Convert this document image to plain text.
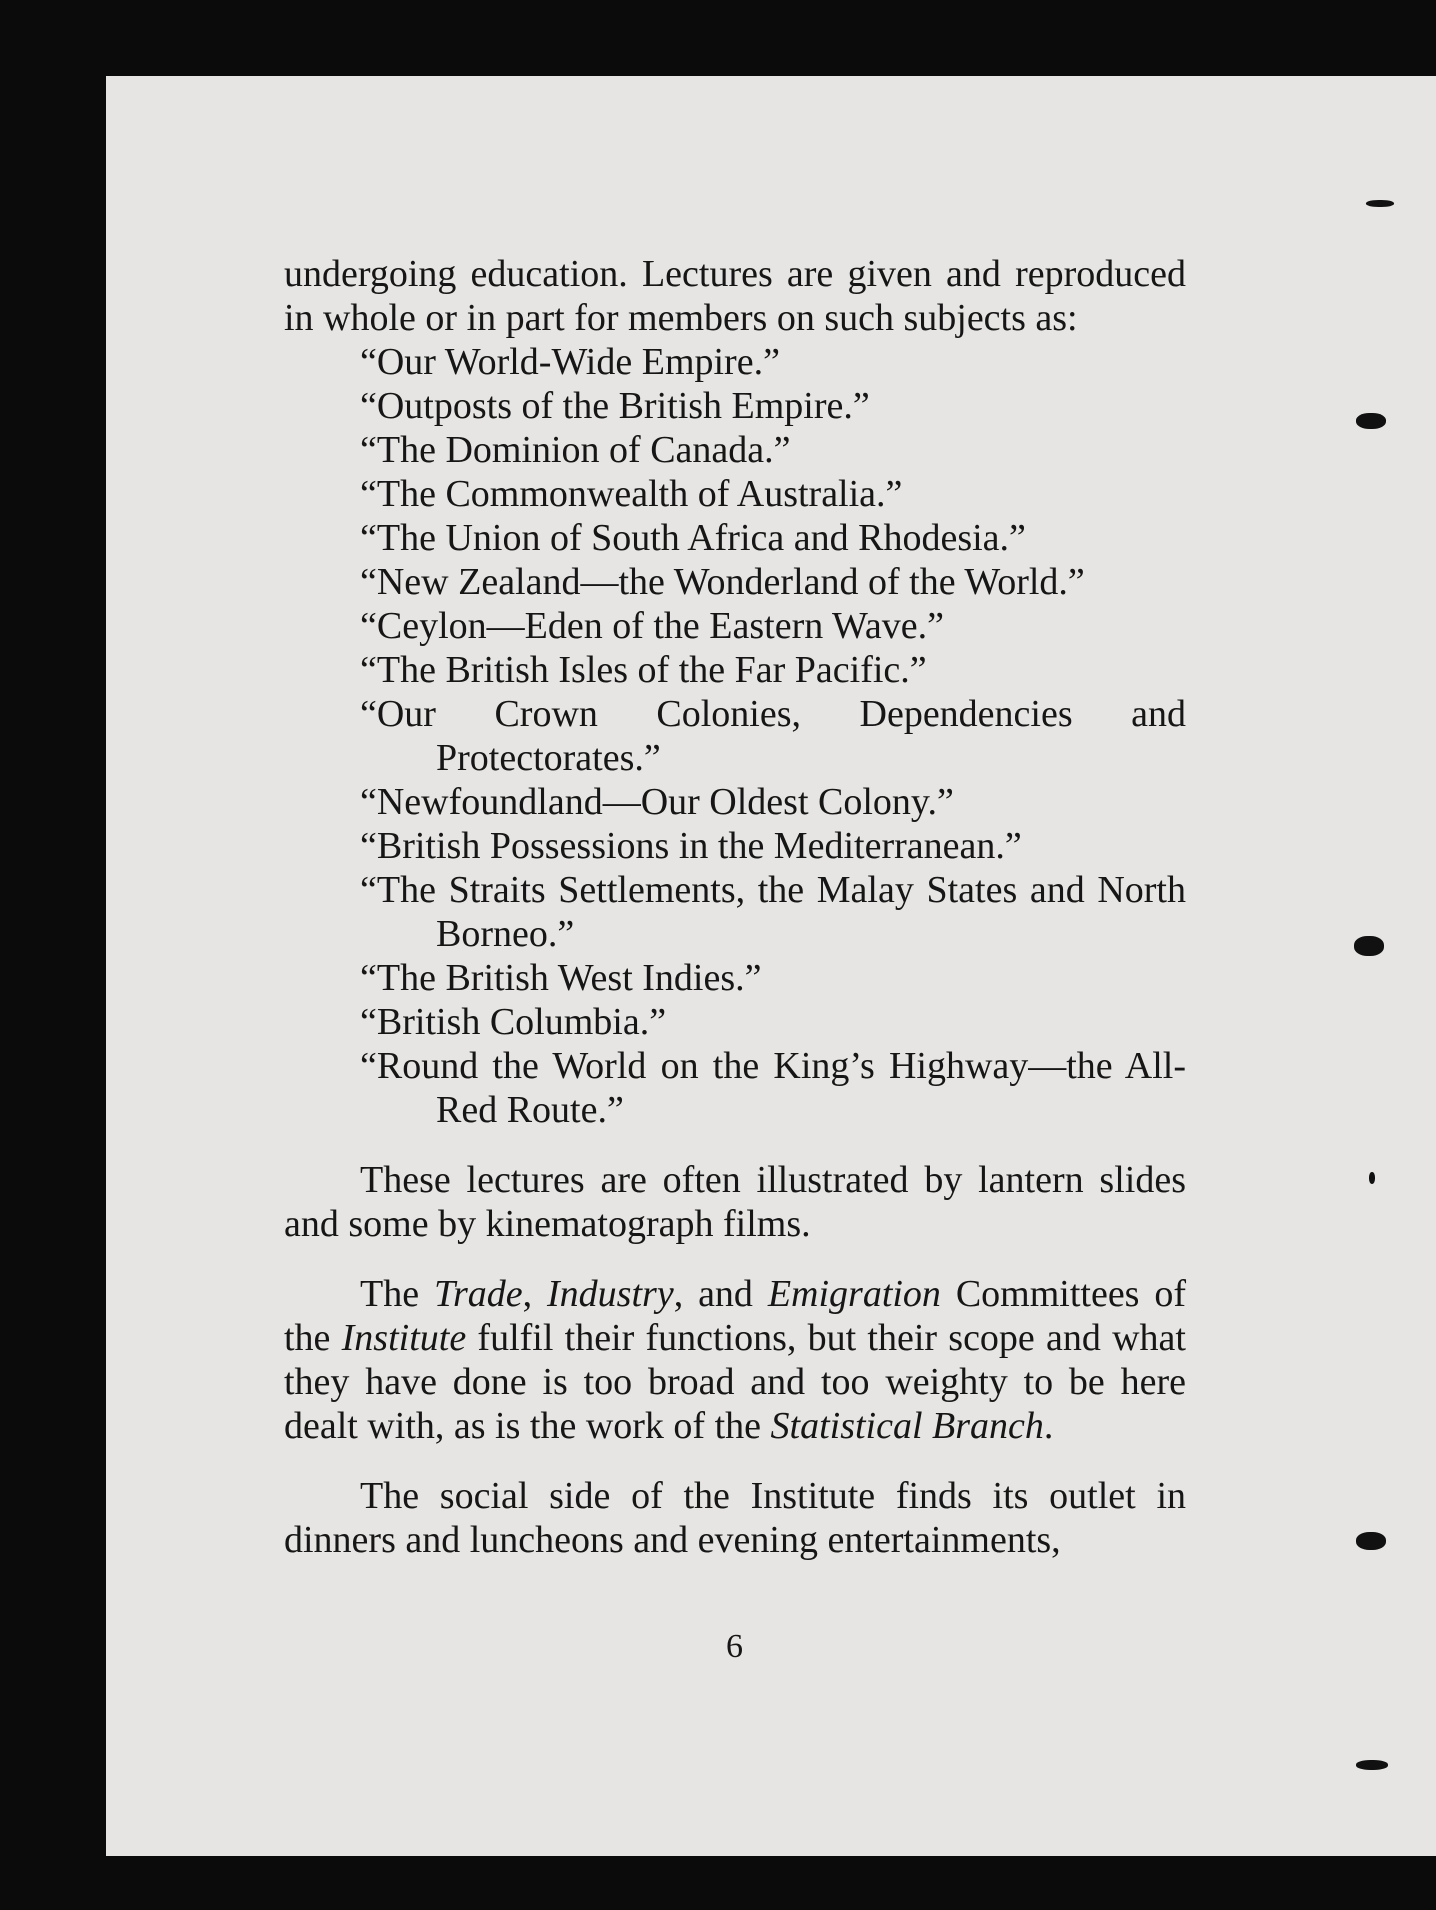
undergoing education. Lectures are given and reproduced in whole or in part for members on such subjects as:

“Our World-Wide Empire.”
“Outposts of the British Empire.”
“The Dominion of Canada.”
“The Commonwealth of Australia.”
“The Union of South Africa and Rhodesia.”
“New Zealand—the Wonderland of the World.”
“Ceylon—Eden of the Eastern Wave.”
“The British Isles of the Far Pacific.”
“Our Crown Colonies, Dependencies and Protectorates.”
“Newfoundland—Our Oldest Colony.”
“British Possessions in the Mediterranean.”
“The Straits Settlements, the Malay States and North Borneo.”
“The British West Indies.”
“British Columbia.”
“Round the World on the King’s Highway—the All-Red Route.”

These lectures are often illustrated by lantern slides and some by kinematograph films.

The Trade, Industry, and Emigration Committees of the Institute fulfil their functions, but their scope and what they have done is too broad and too weighty to be here dealt with, as is the work of the Statistical Branch.

The social side of the Institute finds its outlet in dinners and luncheons and evening entertainments,

6
